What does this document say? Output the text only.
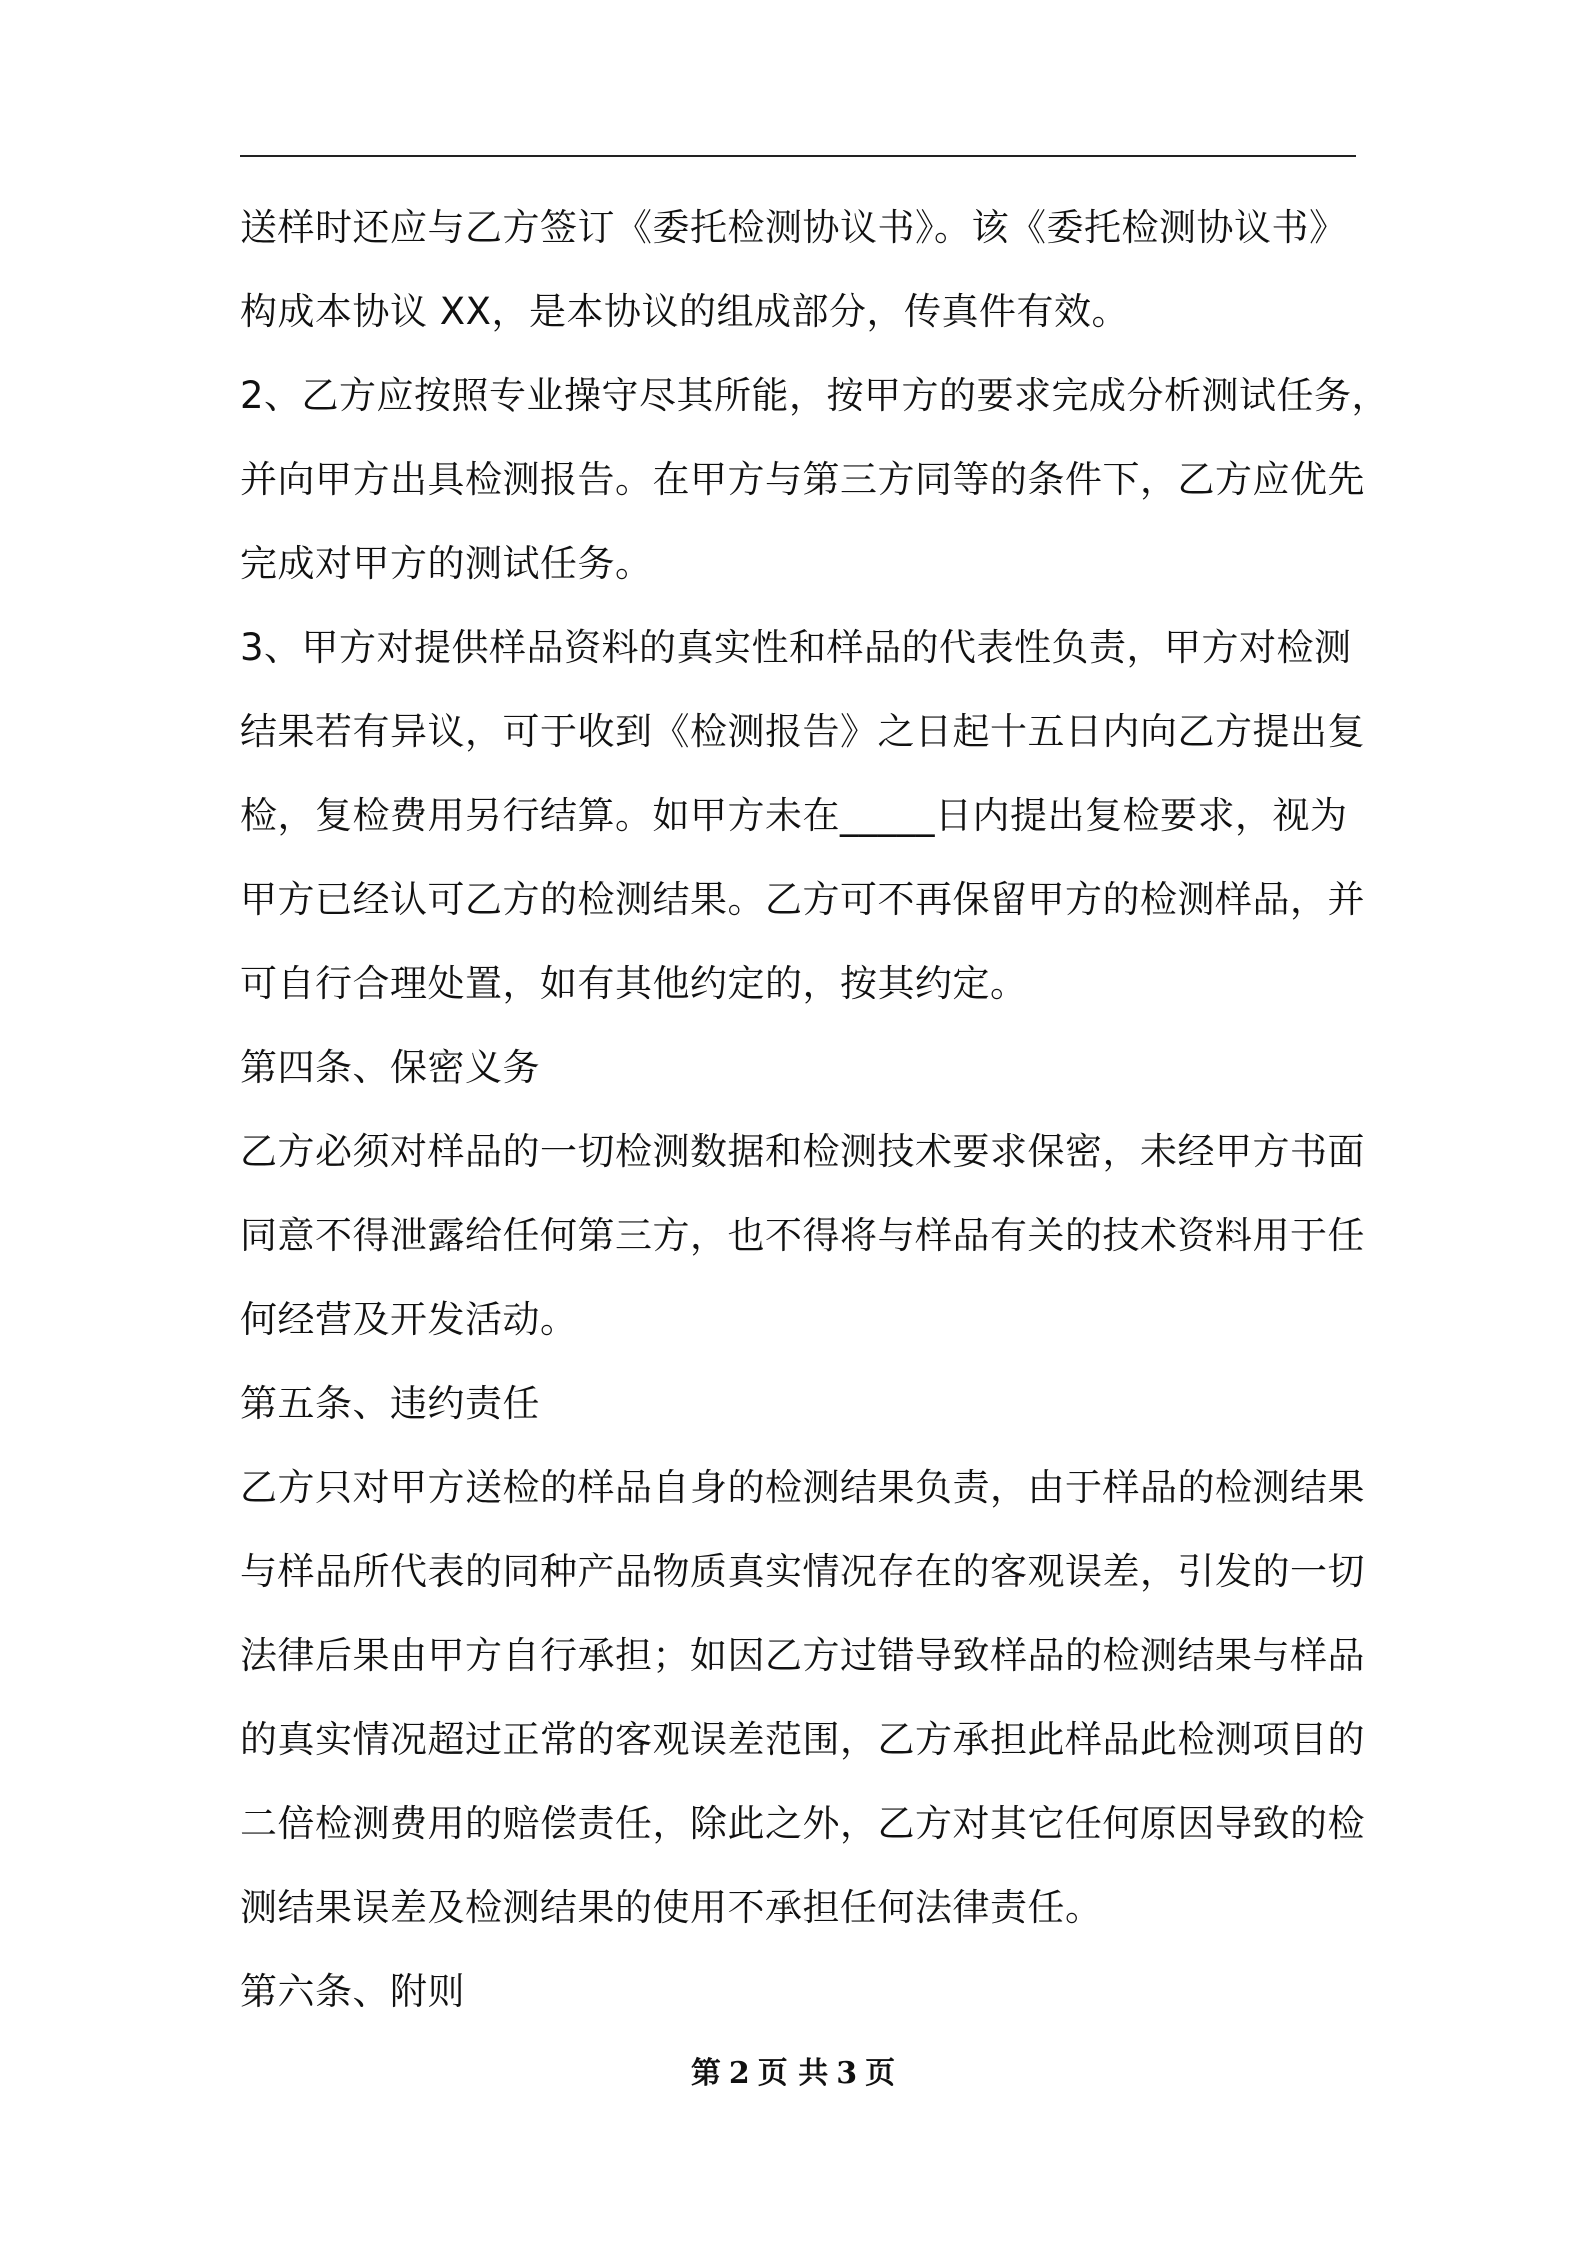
送样时还应与乙方签订《委托检测协议书》。该《委托检测协议书》
构成本协议 XX，是本协议的组成部分，传真件有效。
2、乙方应按照专业操守尽其所能，按甲方的要求完成分析测试任务，
并向甲方出具检测报告。在甲方与第三方同等的条件下，乙方应优先
完成对甲方的测试任务。
3、甲方对提供样品资料的真实性和样品的代表性负责，甲方对检测
结果若有异议，可于收到《检测报告》之日起十五日内向乙方提出复
检，复检费用另行结算。如甲方未在_____日内提出复检要求，视为
甲方已经认可乙方的检测结果。乙方可不再保留甲方的检测样品，并
可自行合理处置，如有其他约定的，按其约定。
第四条、保密义务
乙方必须对样品的一切检测数据和检测技术要求保密，未经甲方书面
同意不得泄露给任何第三方，也不得将与样品有关的技术资料用于任
何经营及开发活动。
第五条、违约责任
乙方只对甲方送检的样品自身的检测结果负责，由于样品的检测结果
与样品所代表的同种产品物质真实情况存在的客观误差，引发的一切
法律后果由甲方自行承担；如因乙方过错导致样品的检测结果与样品
的真实情况超过正常的客观误差范围，乙方承担此样品此检测项目的
二倍检测费用的赔偿责任，除此之外，乙方对其它任何原因导致的检
测结果误差及检测结果的使用不承担任何法律责任。
第六条、附则
第 2 页 共 3 页
